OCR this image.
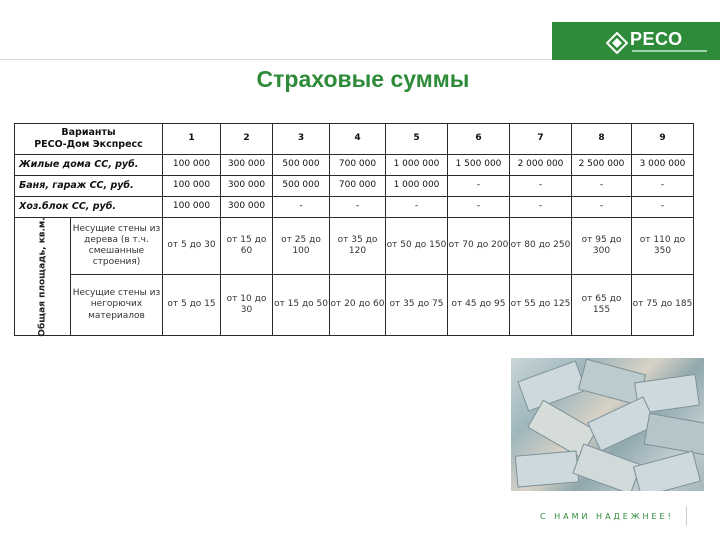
РЕСО
Страховые суммы
Варианты
РЕСО-Дом Экспресс		1	2	3	4	5	6	7	8	9
Жилые дома СС, руб.		100 000	300 000	500 000	700 000	1 000 000	1 500 000	2 000 000	2 500 000	3 000 000
Баня, гараж СС, руб.		100 000	300 000	500 000	700 000	1 000 000	-	-	-	-
Хоз.блок СС, руб.		100 000	300 000	-	-	-	-	-	-	-

Общая площадь, кв.м.	Несущие стены из дерева (в т.ч. смешанные строения)	от 5 до 30	от 15 до 60	от 25 до 100	от 35 до 120	от 50 до 150	от 70 до 200	от 80 до 250	от 95 до 300	от 110 до 350
	Несущие стены из негорючих материалов	от 5 до 15	от 10 до 30	от 15 до 50	от 20 до 60	от 35 до 75	от 45 до 95	от 55 до 125	от 65 до 155	от 75 до 185
С НАМИ НАДЕЖНЕЕ!
